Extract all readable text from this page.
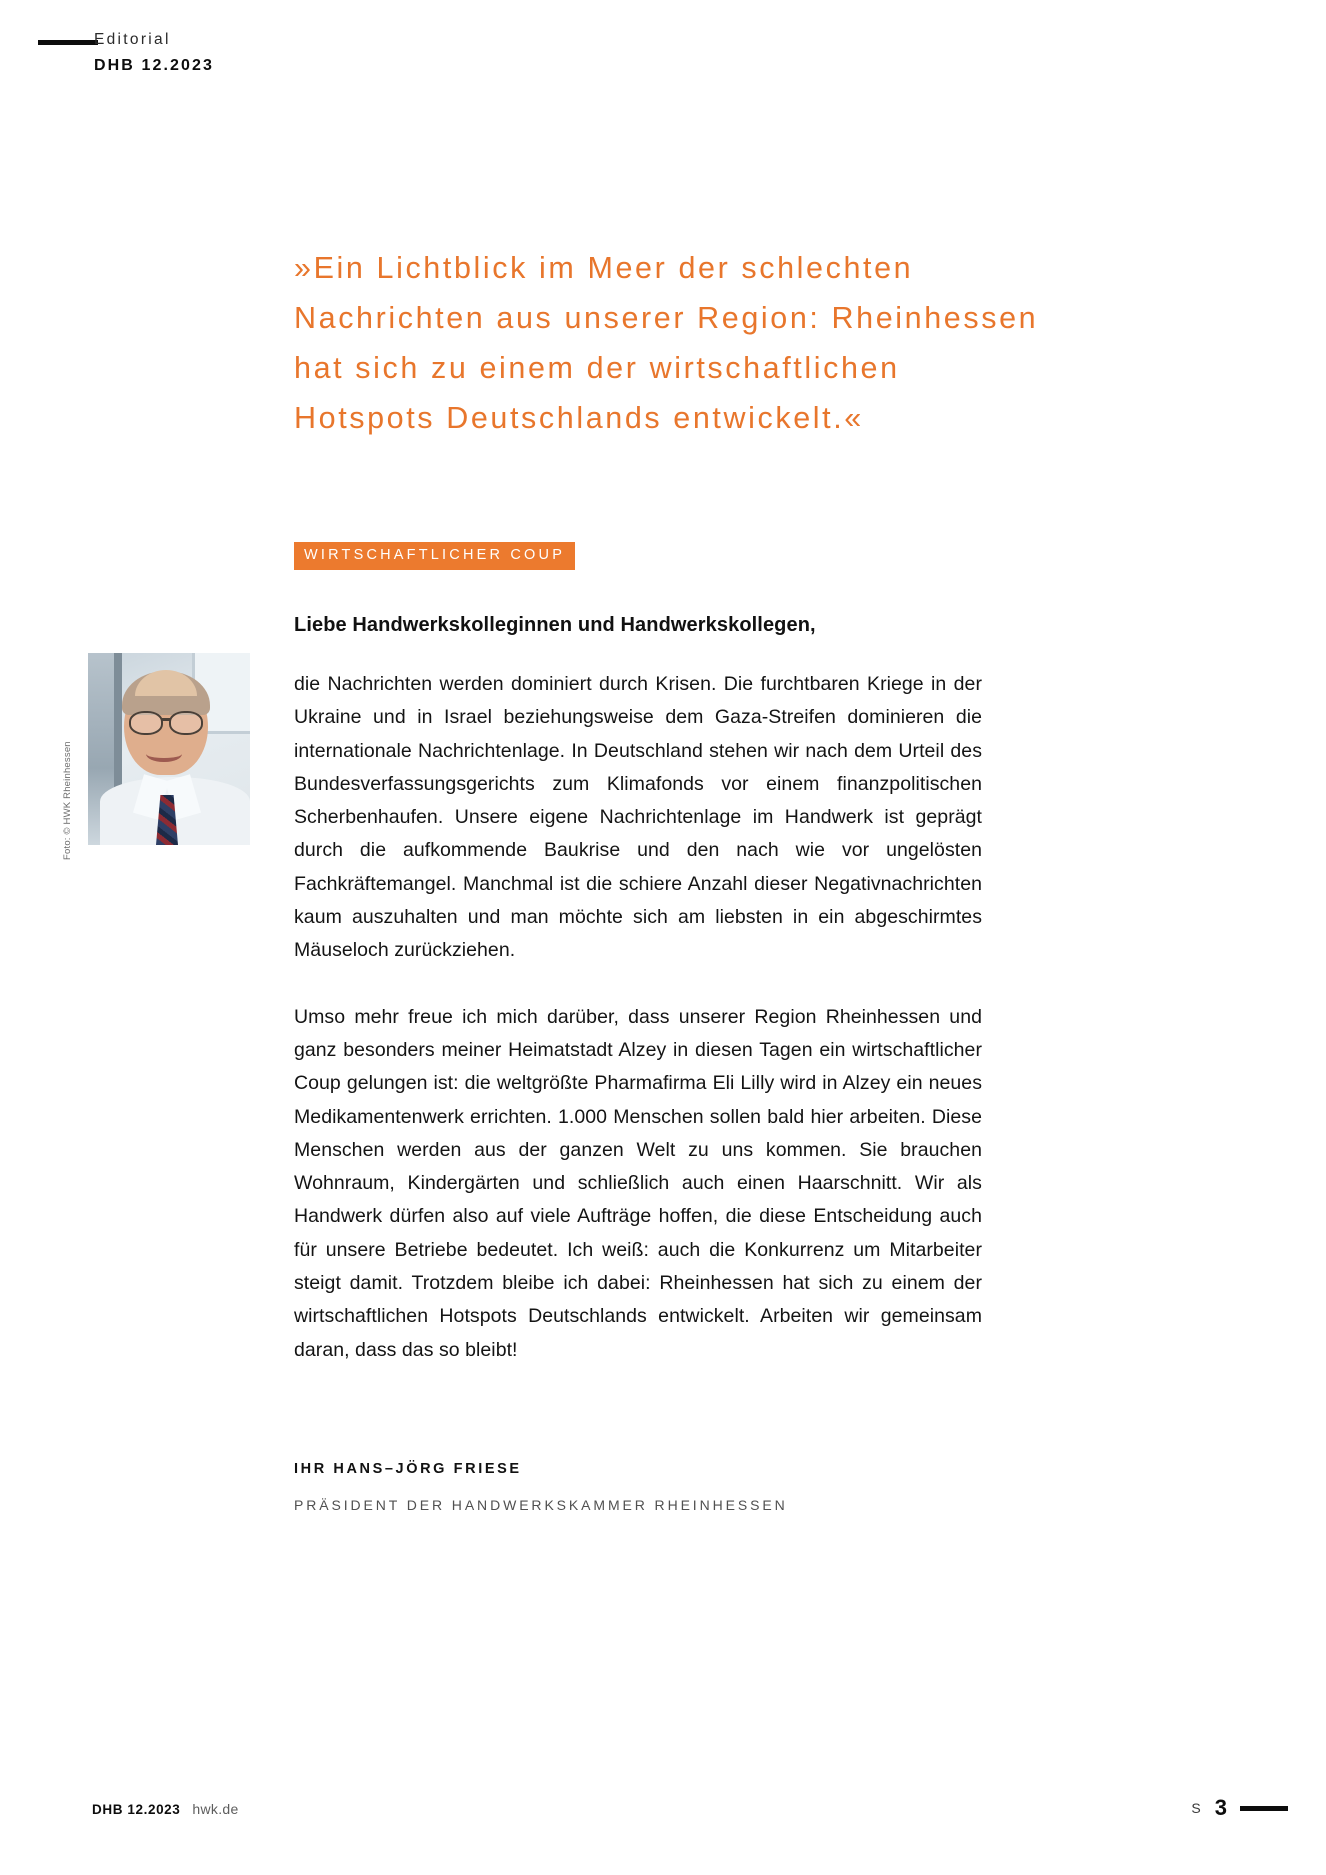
Editorial
DHB 12.2023
»Ein Lichtblick im Meer der schlechten
Nachrichten aus unserer Region: Rheinhessen
hat sich zu einem der wirtschaftlichen
Hotspots Deutschlands entwickelt.«
WIRTSCHAFTLICHER COUP
Foto: © HWK Rheinhessen

Liebe Handwerkskolleginnen und Handwerkskollegen,

die Nachrichten werden dominiert durch Krisen. Die furchtbaren Kriege in der Ukraine und in Israel beziehungsweise dem Gaza-Streifen dominieren die internationale Nachrichtenlage. In Deutschland stehen wir nach dem Urteil des Bundesverfassungsgerichts zum Klimafonds vor einem finanzpolitischen Scherbenhaufen. Unsere eigene Nachrichtenlage im Handwerk ist geprägt durch die aufkommende Baukrise und den nach wie vor ungelösten Fachkräftemangel. Manchmal ist die schiere Anzahl dieser Negativnachrichten kaum auszuhalten und man möchte sich am liebsten in ein abgeschirmtes Mäuseloch zurückziehen.

Umso mehr freue ich mich darüber, dass unserer Region Rheinhessen und ganz besonders meiner Heimatstadt Alzey in diesen Tagen ein wirtschaftlicher Coup gelungen ist: die weltgrößte Pharmafirma Eli Lilly wird in Alzey ein neues Medikamentenwerk errichten. 1.000 Menschen sollen bald hier arbeiten. Diese Menschen werden aus der ganzen Welt zu uns kommen. Sie brauchen Wohnraum, Kindergärten und schließlich auch einen Haarschnitt. Wir als Handwerk dürfen also auf viele Aufträge hoffen, die diese Entscheidung auch für unsere Betriebe bedeutet. Ich weiß: auch die Konkurrenz um Mitarbeiter steigt damit. Trotzdem bleibe ich dabei: Rheinhessen hat sich zu einem der wirtschaftlichen Hotspots Deutschlands entwickelt. Arbeiten wir gemeinsam daran, dass das so bleibt!

IHR HANS–JÖRG FRIESE
PRÄSIDENT DER HANDWERKSKAMMER RHEINHESSEN
DHB 12.2023 hwk.de	S 3
